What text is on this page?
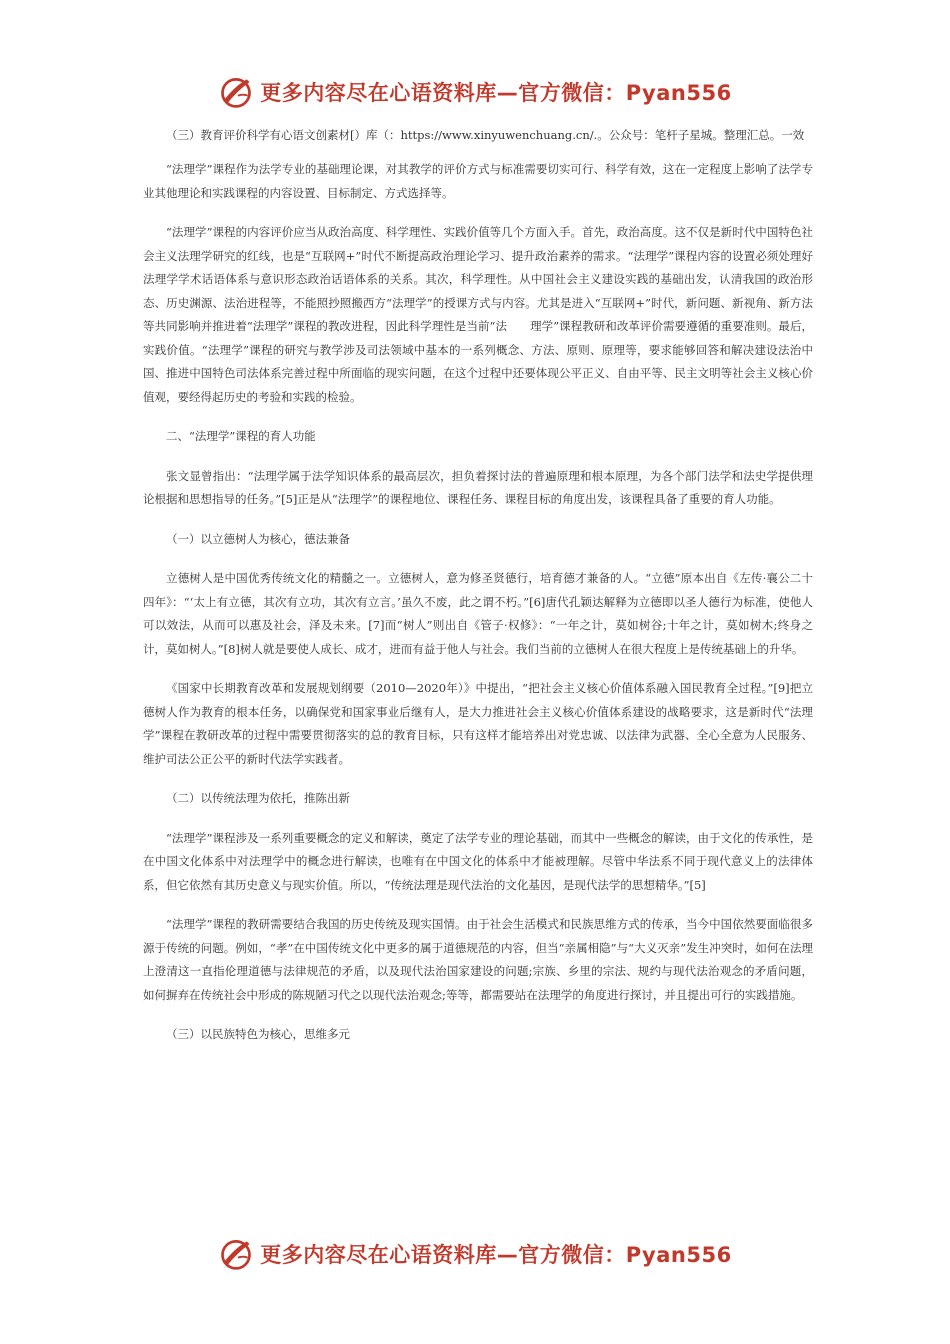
更多内容尽在心语资料库—官方微信：Pyan556

（三）教育评价科学有心语文创素材[）库（：https://www.xinyuwenchuang.cn/.。公众号：笔杆子星城。整理汇总。一效

“法理学”课程作为法学专业的基础理论课，对其教学的评价方式与标准需要切实可行、科学有效，这在一定程度上影响了法学专业其他理论和实践课程的内容设置、目标制定、方式选择等。

“法理学”课程的内容评价应当从政治高度、科学理性、实践价值等几个方面入手。首先，政治高度。这不仅是新时代中国特色社会主义法理学研究的红线，也是“互联网+”时代不断提高政治理论学习、提升政治素养的需求。“法理学”课程内容的设置必须处理好法理学学术话语体系与意识形态政治话语体系的关系。其次，科学理性。从中国社会主义建设实践的基础出发，认清我国的政治形态、历史渊源、法治进程等，不能照抄照搬西方“法理学”的授课方式与内容。尤其是进入“互联网+”时代，新问题、新视角、新方法等共同影响并推进着“法理学”课程的教改进程，因此科学理性是当前“法　　理学”课程教研和改革评价需要遵循的重要准则。最后，实践价值。“法理学”课程的研究与教学涉及司法领域中基本的一系列概念、方法、原则、原理等，要求能够回答和解决建设法治中国、推进中国特色司法体系完善过程中所面临的现实问题，在这个过程中还要体现公平正义、自由平等、民主文明等社会主义核心价值观，要经得起历史的考验和实践的检验。

二、“法理学”课程的育人功能

张文显曾指出：“法理学属于法学知识体系的最高层次，担负着探讨法的普遍原理和根本原理，为各个部门法学和法史学提供理论根据和思想指导的任务。”[5]正是从“法理学”的课程地位、课程任务、课程目标的角度出发，该课程具备了重要的育人功能。

（一）以立德树人为核心，德法兼备

立德树人是中国优秀传统文化的精髓之一。立德树人，意为修圣贤德行，培育德才兼备的人。“立德”原本出自《左传·襄公二十四年》：“‘太上有立德，其次有立功，其次有立言。’虽久不废，此之谓不朽。”[6]唐代孔颖达解释为立德即以圣人德行为标准，使他人可以效法，从而可以惠及社会，泽及未来。[7]而“树人”则出自《管子·权修》：“一年之计，莫如树谷;十年之计，莫如树木;终身之计，莫如树人。”[8]树人就是要使人成长、成才，进而有益于他人与社会。我们当前的立德树人在很大程度上是传统基础上的升华。

《国家中长期教育改革和发展规划纲要（2010—2020年）》中提出，“把社会主义核心价值体系融入国民教育全过程。”[9]把立德树人作为教育的根本任务，以确保党和国家事业后继有人，是大力推进社会主义核心价值体系建设的战略要求，这是新时代“法理学”课程在教研改革的过程中需要贯彻落实的总的教育目标，只有这样才能培养出对党忠诚、以法律为武器、全心全意为人民服务、维护司法公正公平的新时代法学实践者。

（二）以传统法理为依托，推陈出新

“法理学”课程涉及一系列重要概念的定义和解读，奠定了法学专业的理论基础，而其中一些概念的解读，由于文化的传承性，是在中国文化体系中对法理学中的概念进行解读，也唯有在中国文化的体系中才能被理解。尽管中华法系不同于现代意义上的法律体系，但它依然有其历史意义与现实价值。所以，“传统法理是现代法治的文化基因，是现代法学的思想精华。”[5]

“法理学”课程的教研需要结合我国的历史传统及现实国情。由于社会生活模式和民族思维方式的传承，当今中国依然要面临很多源于传统的问题。例如，“孝”在中国传统文化中更多的属于道德规范的内容，但当“亲属相隐”与“大义灭亲”发生冲突时，如何在法理上澄清这一直指伦理道德与法律规范的矛盾，以及现代法治国家建设的问题;宗族、乡里的宗法、规约与现代法治观念的矛盾问题，如何摒弃在传统社会中形成的陈规陋习代之以现代法治观念;等等，都需要站在法理学的角度进行探讨，并且提出可行的实践措施。

（三）以民族特色为核心，思维多元

更多内容尽在心语资料库—官方微信：Pyan556
